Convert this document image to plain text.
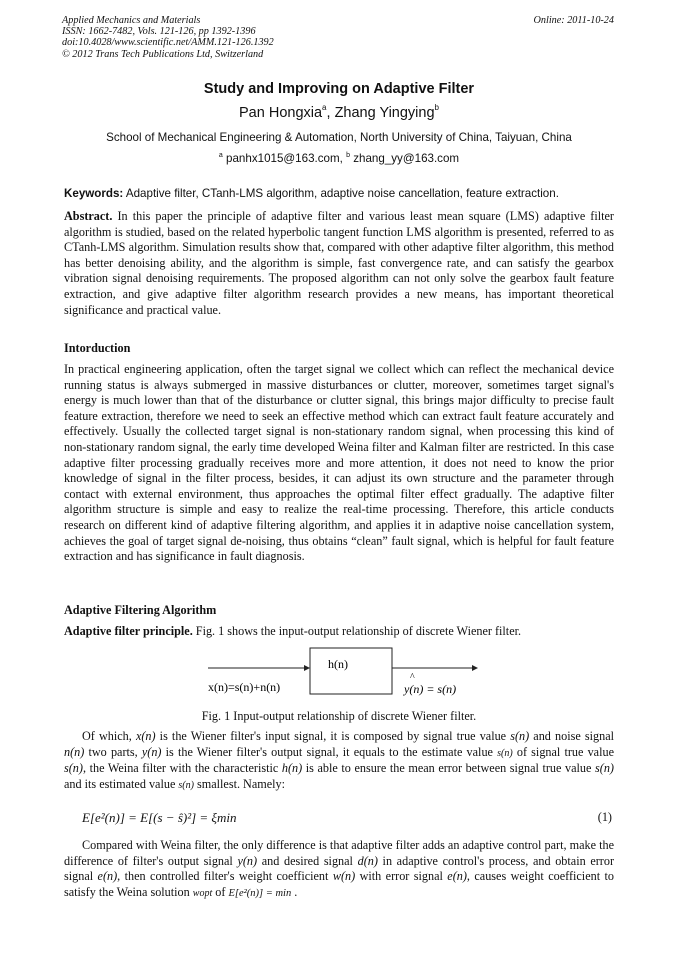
Applied Mechanics and Materials
ISSN: 1662-7482, Vols. 121-126, pp 1392-1396
doi:10.4028/www.scientific.net/AMM.121-126.1392
© 2012 Trans Tech Publications Ltd, Switzerland
Online: 2011-10-24
Study and Improving on Adaptive Filter
Pan Hongxia$^a$, Zhang Yingying$^b$
School of Mechanical Engineering & Automation, North University of China, Taiyuan, China
$^a$ panhx1015@163.com, $^b$ zhang_yy@163.com
Keywords: Adaptive filter, CTanh-LMS algorithm, adaptive noise cancellation, feature extraction.
Abstract. In this paper the principle of adaptive filter and various least mean square (LMS) adaptive filter algorithm is studied, based on the related hyperbolic tangent function LMS algorithm is presented, referred to as CTanh-LMS algorithm. Simulation results show that, compared with other adaptive filter algorithm, this method has better denoising ability, and the algorithm is simple, fast convergence rate, and can satisfy the gearbox vibration signal denoising requirements. The proposed algorithm can not only solve the gearbox fault feature extraction, and give adaptive filter algorithm research provides a new means, has important theoretical significance and practical value.
Intorduction
In practical engineering application, often the target signal we collect which can reflect the mechanical device running status is always submerged in massive disturbances or clutter, moreover, sometimes target signal's energy is much lower than that of the disturbance or clutter signal, this brings major difficulty to precise fault feature extraction, therefore we need to seek an effective method which can extract fault feature accurately and effectively. Usually the collected target signal is non-stationary random signal, when processing this kind of non-stationary random signal, the early time developed Weina filter and Kalman filter are restricted. In this case adaptive filter processing gradually receives more and more attention, it does not need to know the prior knowledge of signal in the filter process, besides, it can adjust its own structure and the parameter through contact with external environment, thus approaches the optimal filter effect gradually. The adaptive filter algorithm structure is simple and easy to realize the real-time processing. Therefore, this article conducts research on different kind of adaptive filtering algorithm, and applies it in adaptive noise cancellation system, achieves the goal of target signal de-noising, thus obtains “clean” fault signal, which is helpful for fault feature extraction and has significance in fault diagnosis.
Adaptive Filtering Algorithm
Adaptive filter principle. Fig. 1 shows the input-output relationship of discrete Wiener filter.
h(n)
x(n)=s(n)+n(n)
^
y(n) = s(n)
Fig. 1 Input-output relationship of discrete Wiener filter.
Of which, x(n) is the Wiener filter's input signal, it is composed by signal true value s(n) and noise signal n(n) two parts, y(n) is the Wiener filter's output signal, it equals to the estimate value s(n) of signal true value s(n), the Weina filter with the characteristic h(n) is able to ensure the mean error between signal true value s(n) and its estimated value s(n) smallest. Namely:
E[e²(n)] = E[(s − ŝ)²] = ξmin	(1)
Compared with Weina filter, the only difference is that adaptive filter adds an adaptive control part, make the difference of filter's output signal y(n) and desired signal d(n) in adaptive control's process, and obtain error signal e(n), then controlled filter's weight coefficient w(n) with error signal e(n), causes weight coefficient to satisfy the Weina solution wopt of E[e²(n)] = min .
